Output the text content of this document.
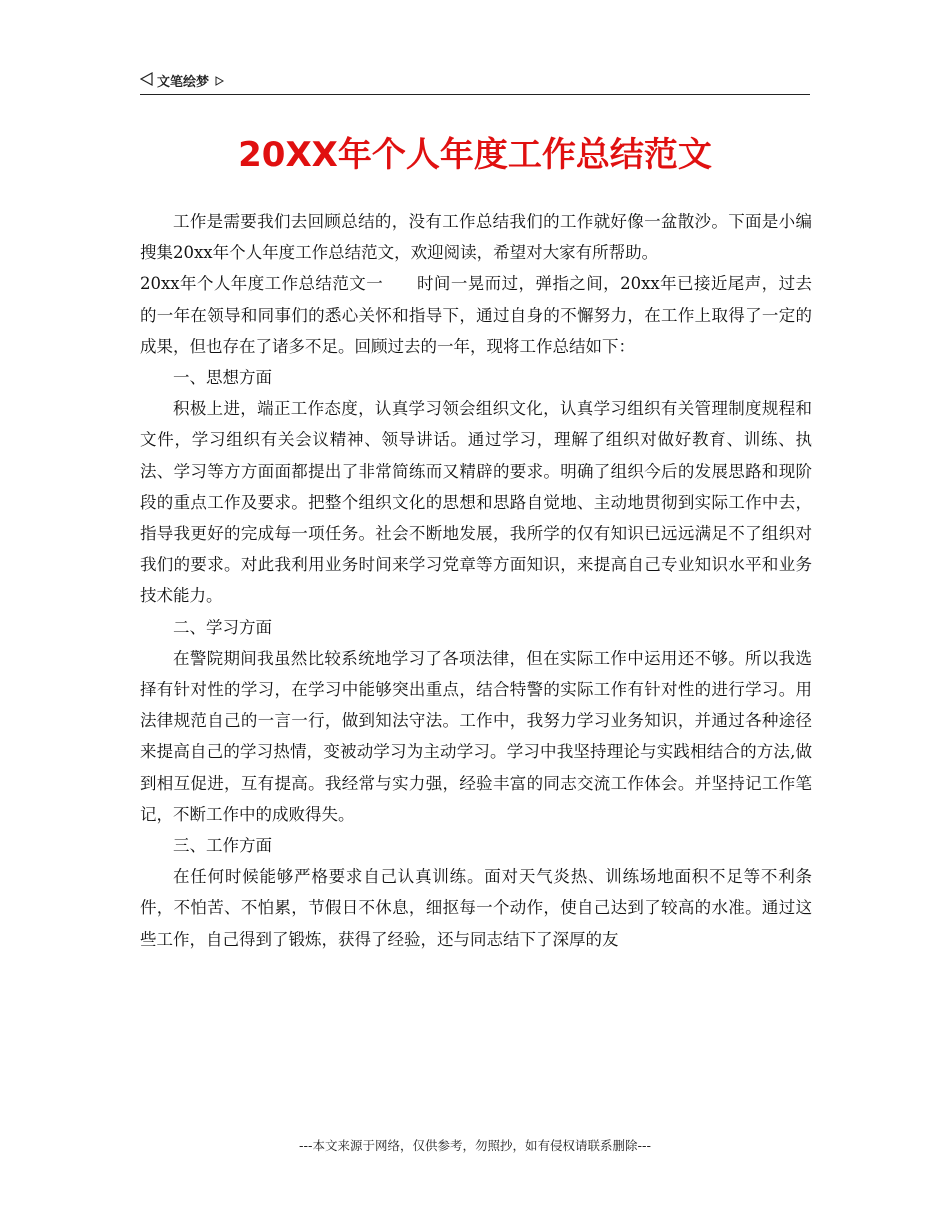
文笔绘梦
20XX年个人年度工作总结范文

工作是需要我们去回顾总结的，没有工作总结我们的工作就好像一盆散沙。下面是小编搜集20xx年个人年度工作总结范文，欢迎阅读，希望对大家有所帮助。

20xx年个人年度工作总结范文一　　时间一晃而过，弹指之间，20xx年已接近尾声，过去的一年在领导和同事们的悉心关怀和指导下，通过自身的不懈努力，在工作上取得了一定的成果，但也存在了诸多不足。回顾过去的一年，现将工作总结如下：

一、思想方面

积极上进，端正工作态度，认真学习领会组织文化，认真学习组织有关管理制度规程和文件，学习组织有关会议精神、领导讲话。通过学习，理解了组织对做好教育、训练、执法、学习等方方面面都提出了非常简练而又精辟的要求。明确了组织今后的发展思路和现阶段的重点工作及要求。把整个组织文化的思想和思路自觉地、主动地贯彻到实际工作中去，指导我更好的完成每一项任务。社会不断地发展，我所学的仅有知识已远远满足不了组织对我们的要求。对此我利用业务时间来学习党章等方面知识，来提高自己专业知识水平和业务技术能力。

二、学习方面

在警院期间我虽然比较系统地学习了各项法律，但在实际工作中运用还不够。所以我选择有针对性的学习，在学习中能够突出重点，结合特警的实际工作有针对性的进行学习。用法律规范自己的一言一行，做到知法守法。工作中，我努力学习业务知识，并通过各种途径来提高自己的学习热情，变被动学习为主动学习。学习中我坚持理论与实践相结合的方法,做到相互促进，互有提高。我经常与实力强，经验丰富的同志交流工作体会。并坚持记工作笔记，不断工作中的成败得失。

三、工作方面

在任何时候能够严格要求自己认真训练。面对天气炎热、训练场地面积不足等不利条件，不怕苦、不怕累，节假日不休息，细抠每一个动作，使自己达到了较高的水准。通过这些工作，自己得到了锻炼，获得了经验，还与同志结下了深厚的友

---本文来源于网络，仅供参考，勿照抄，如有侵权请联系删除---
